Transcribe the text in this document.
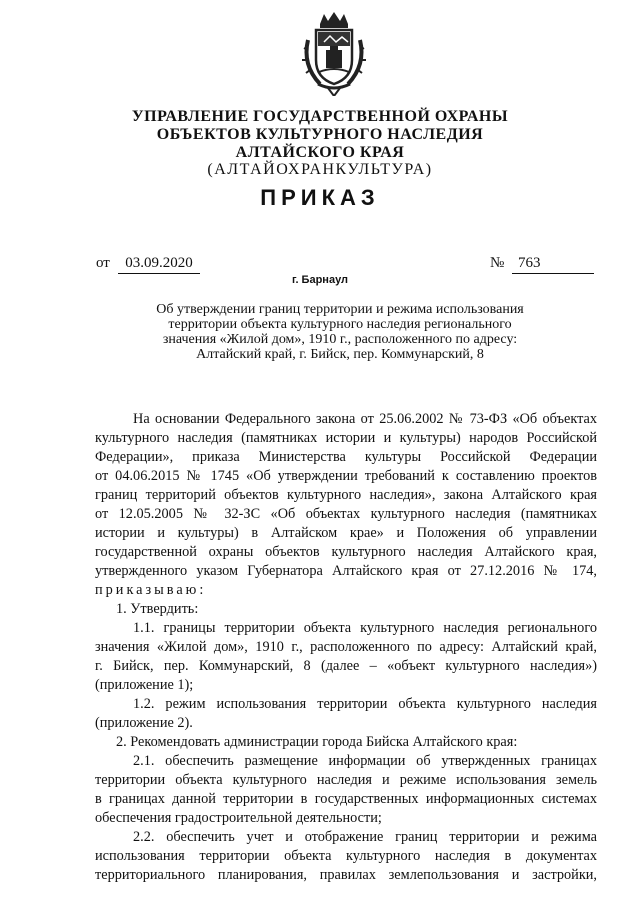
УПРАВЛЕНИЕ ГОСУДАРСТВЕННОЙ ОХРАНЫ
ОБЪЕКТОВ КУЛЬТУРНОГО НАСЛЕДИЯ
АЛТАЙСКОГО КРАЯ
(АЛТАЙОХРАНКУЛЬТУРА)
ПРИКАЗ
от	03.09.2020	№ 763
г. Барнаул
Об утверждении границ территории и режима использования
территории объекта культурного наследия регионального
значения «Жилой дом», 1910 г., расположенного по адресу:
Алтайский край, г. Бийск, пер. Коммунарский, 8
На основании Федерального закона от 25.06.2002 № 73-ФЗ «Об объектах
культурного наследия (памятниках истории и культуры) народов Российской
Федерации», приказа Министерства культуры Российской Федерации
от 04.06.2015 № 1745 «Об утверждении требований к составлению проектов
границ территорий объектов культурного наследия», закона Алтайского края
от 12.05.2005 № 32-ЗС «Об объектах культурного наследия (памятниках
истории и культуры) в Алтайском крае» и Положения об управлении
государственной охраны объектов культурного наследия Алтайского края,
утвержденного указом Губернатора Алтайского края от 27.12.2016 № 174,
приказываю:
1. Утвердить:
1.1. границы территории объекта культурного наследия регионального
значения «Жилой дом», 1910 г., расположенного по адресу: Алтайский край,
г. Бийск, пер. Коммунарский, 8 (далее – «объект культурного наследия»)
(приложение 1);
1.2. режим использования территории объекта культурного наследия
(приложение 2).
2. Рекомендовать администрации города Бийска Алтайского края:
2.1. обеспечить размещение информации об утвержденных границах
территории объекта культурного наследия и режиме использования земель
в границах данной территории в государственных информационных системах
обеспечения градостроительной деятельности;
2.2. обеспечить учет и отображение границ территории и режима
использования территории объекта культурного наследия в документах
территориального планирования, правилах землепользования и застройки,
